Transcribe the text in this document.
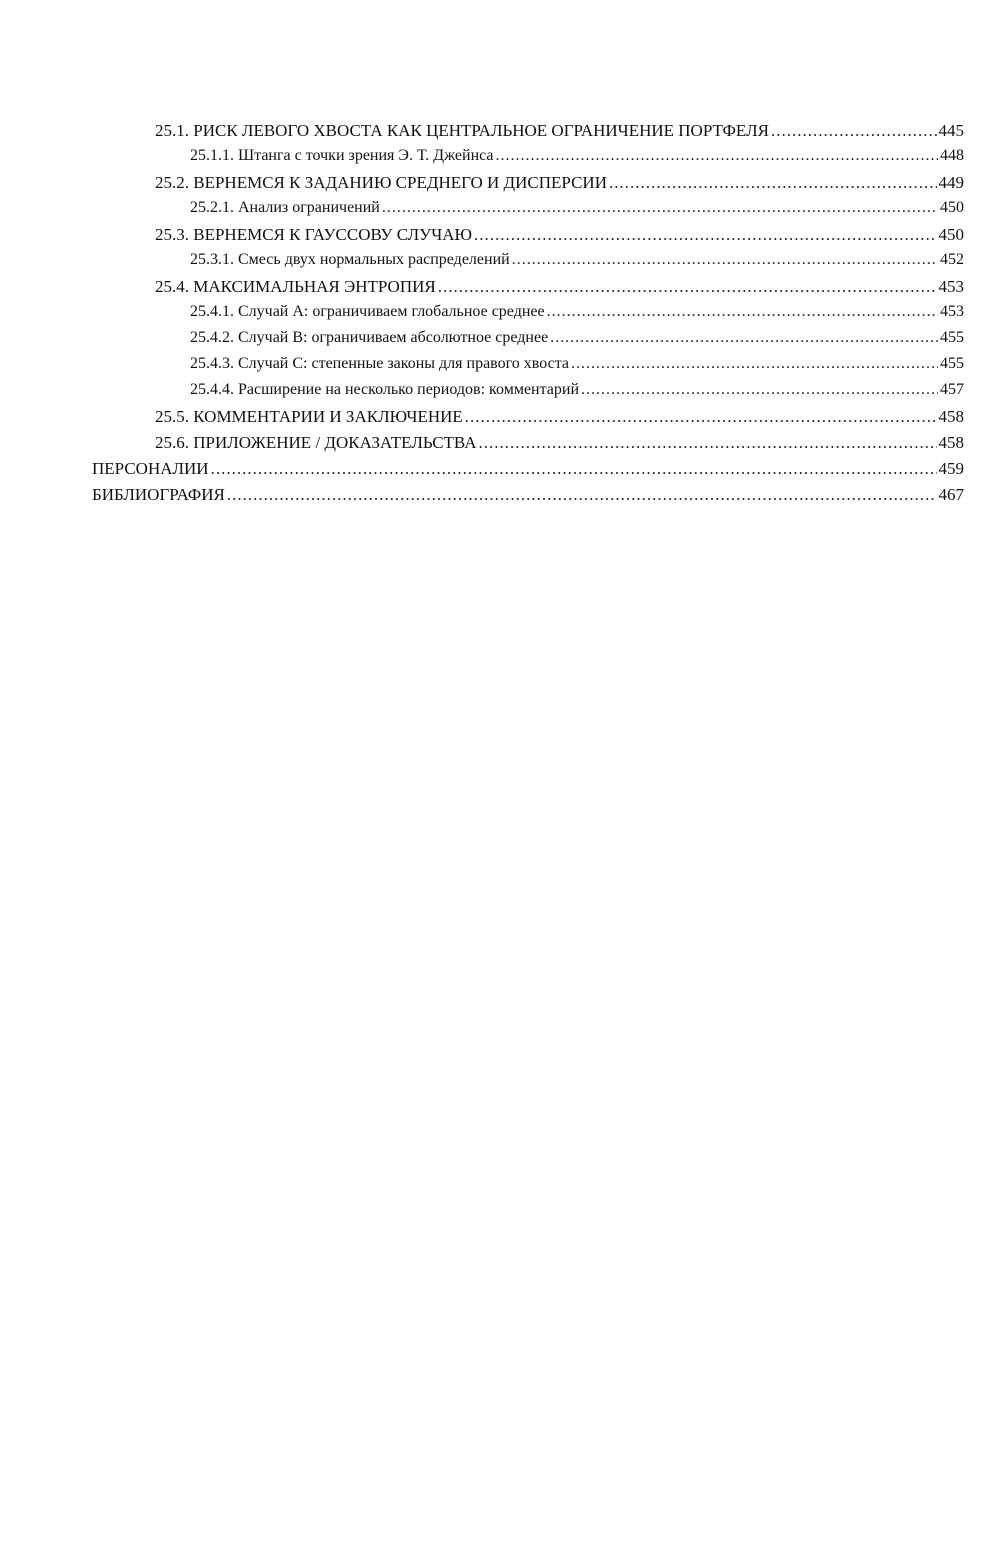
25.1. РИСК ЛЕВОГО ХВОСТА КАК ЦЕНТРАЛЬНОЕ ОГРАНИЧЕНИЕ ПОРТФЕЛЯ .....	445
25.1.1. Штанга с точки зрения Э. Т. Джейнса .....	448
25.2. ВЕРНЕМСЯ К ЗАДАНИЮ СРЕДНЕГО И ДИСПЕРСИИ .....	449
25.2.1. Анализ ограничений .....	450
25.3. ВЕРНЕМСЯ К ГАУССОВУ СЛУЧАЮ .....	450
25.3.1. Смесь двух нормальных распределений .....	452
25.4. МАКСИМАЛЬНАЯ ЭНТРОПИЯ .....	453
25.4.1. Случай A: ограничиваем глобальное среднее .....	453
25.4.2. Случай B: ограничиваем абсолютное среднее .....	455
25.4.3. Случай C: степенные законы для правого хвоста .....	455
25.4.4. Расширение на несколько периодов: комментарий .....	457
25.5. КОММЕНТАРИИ И ЗАКЛЮЧЕНИЕ .....	458
25.6. ПРИЛОЖЕНИЕ / ДОКАЗАТЕЛЬСТВА .....	458
ПЕРСОНАЛИИ .....	459
БИБЛИОГРАФИЯ .....	467
